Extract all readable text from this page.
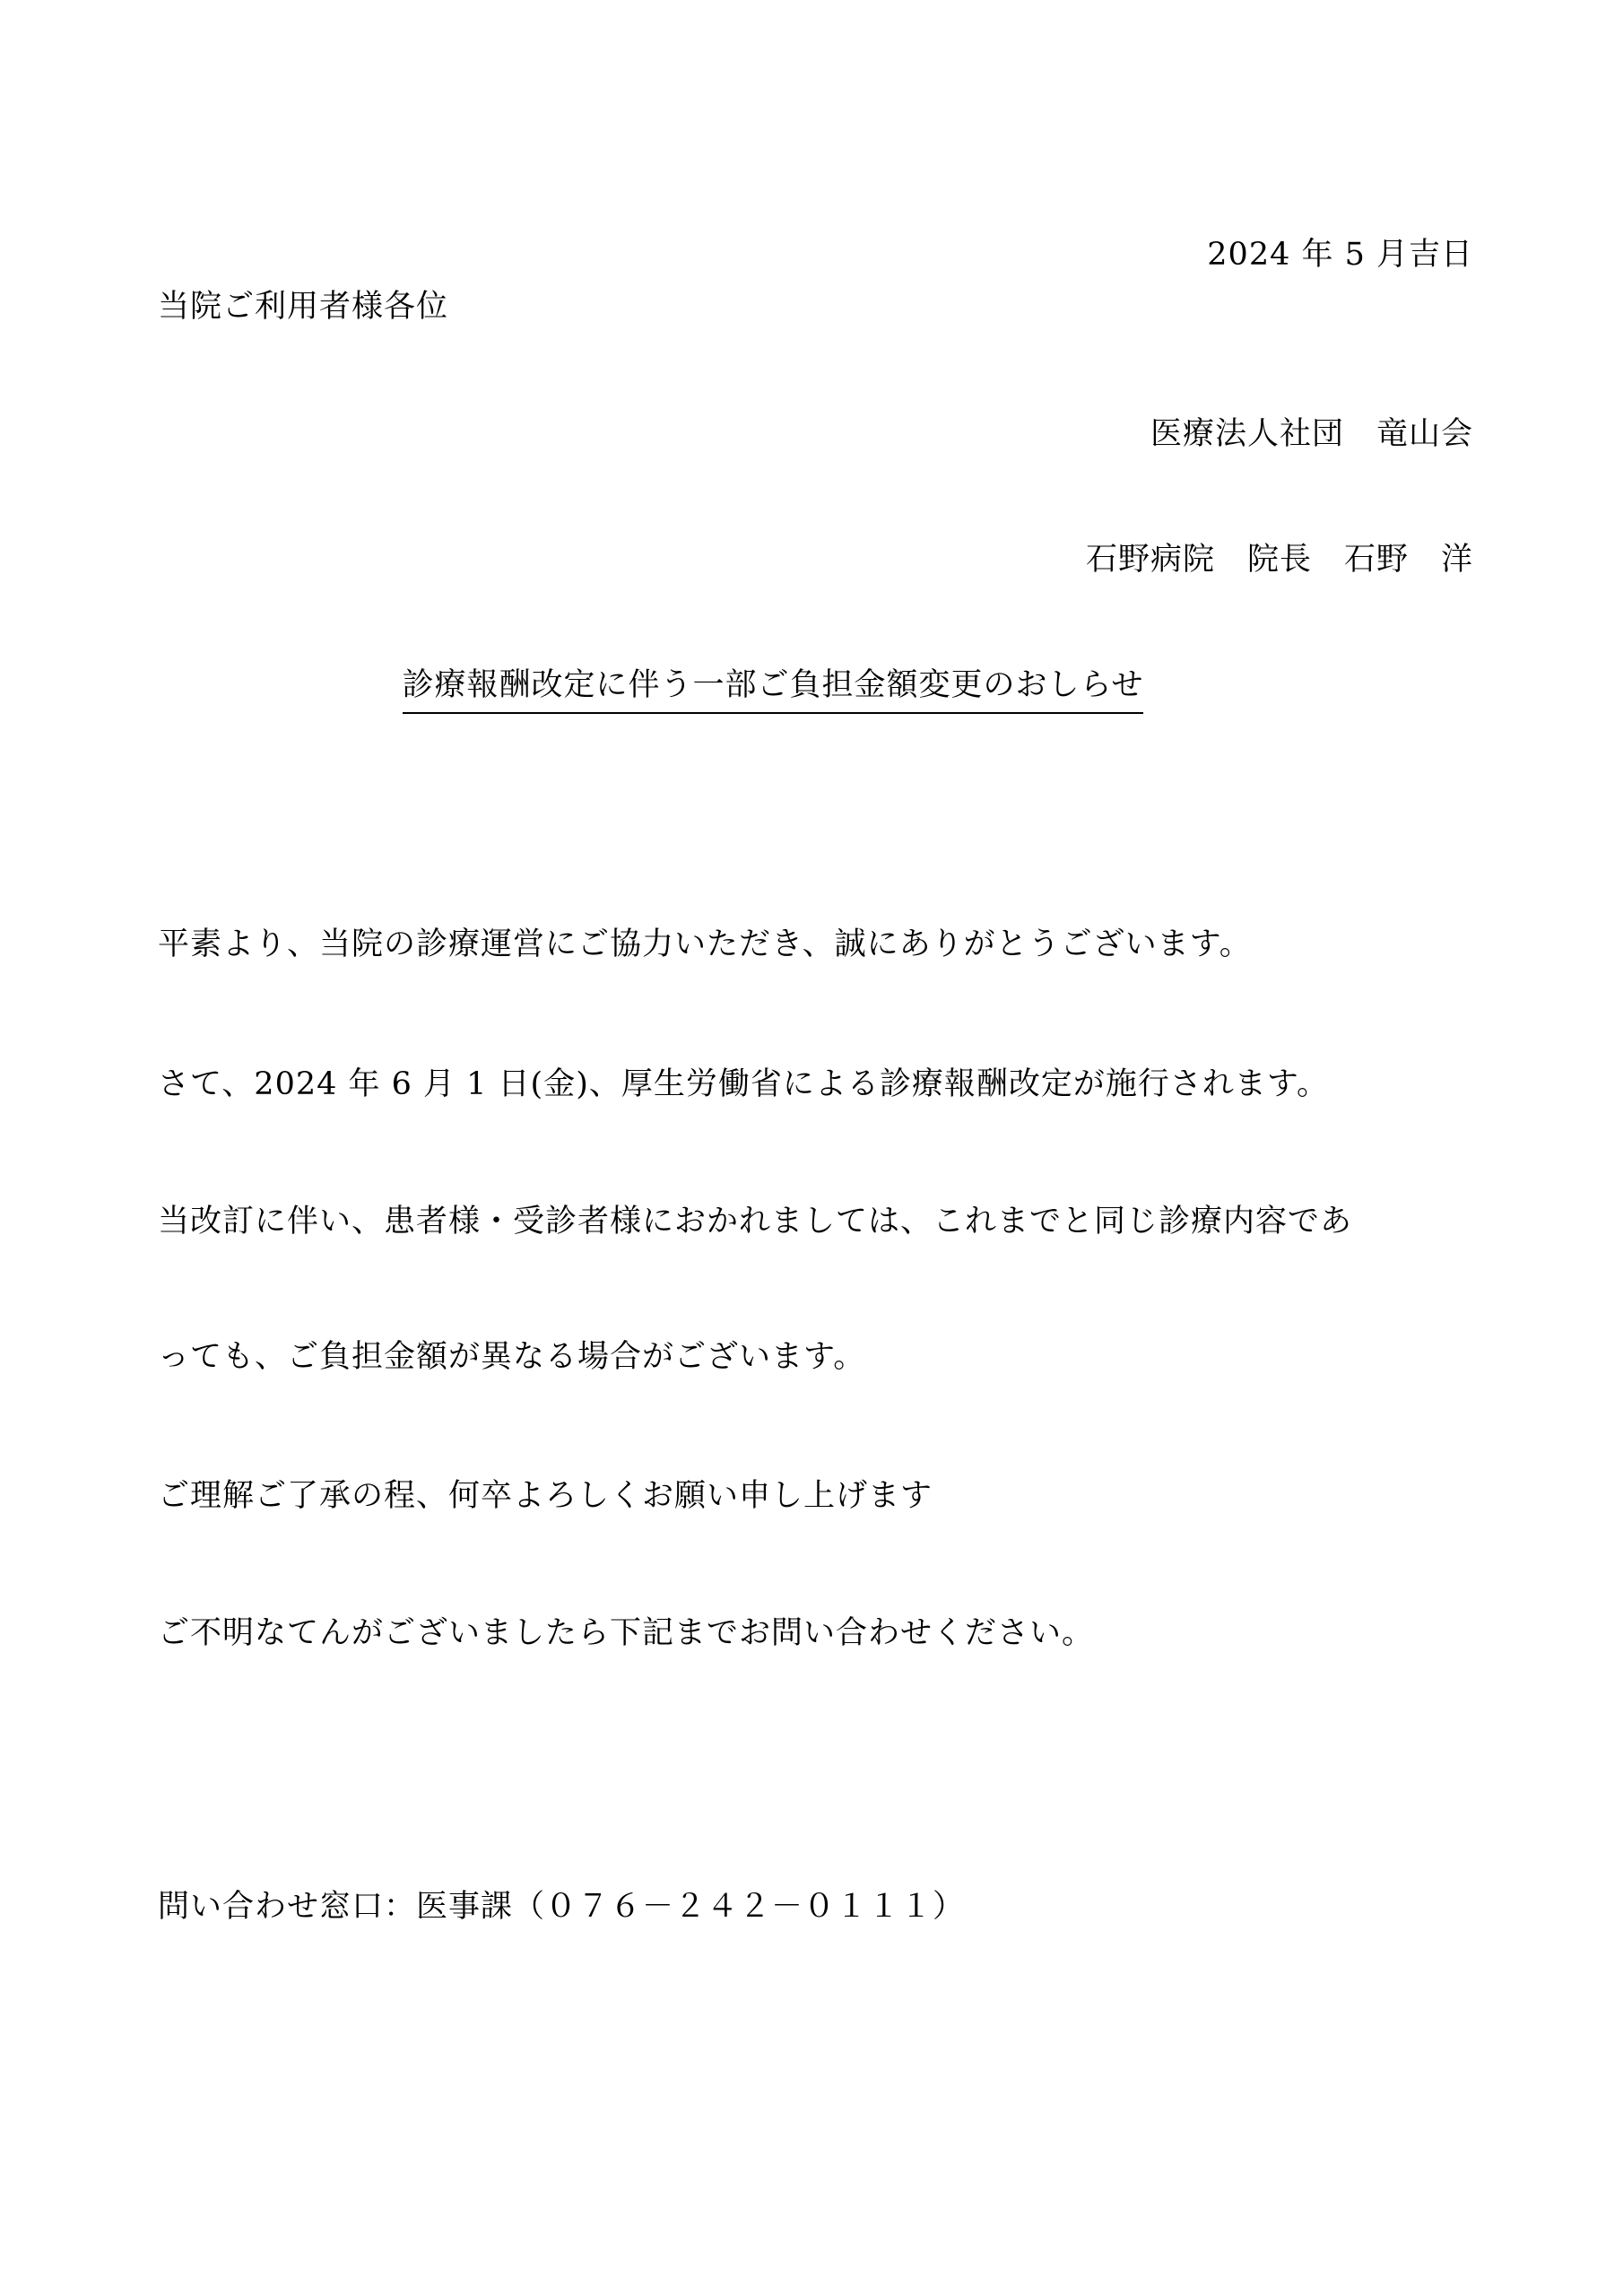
2024 年 5 月吉日
当院ご利用者様各位
医療法人社団　竜山会
石野病院　院長　石野　洋
診療報酬改定に伴う一部ご負担金額変更のおしらせ
平素より、当院の診療運営にご協力いただき、誠にありがとうございます。
さて、2024 年 6 月 1 日(金)、厚生労働省による診療報酬改定が施行されます。
当改訂に伴い、患者様・受診者様におかれましては、これまでと同じ診療内容であ
っても、ご負担金額が異なる場合がございます。
ご理解ご了承の程、何卒よろしくお願い申し上げます
ご不明なてんがございましたら下記までお問い合わせください。
問い合わせ窓口：医事課（０７６－２４２－０１１１）
